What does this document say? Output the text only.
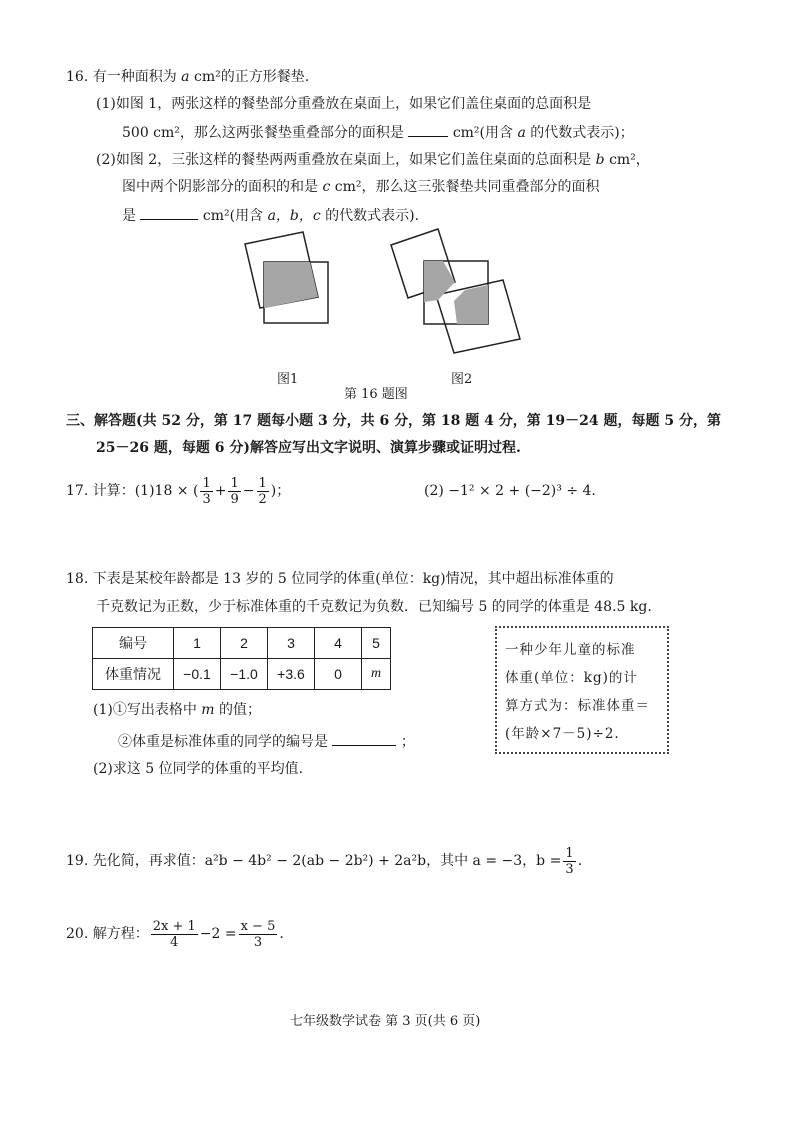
16. 有一种面积为 a cm²的正方形餐垫.
(1)如图 1，两张这样的餐垫部分重叠放在桌面上，如果它们盖住桌面的总面积是
500 cm²，那么这两张餐垫重叠部分的面积是	cm²(用含 a 的代数式表示)；
(2)如图 2，三张这样的餐垫两两重叠放在桌面上，如果它们盖住桌面的总面积是 b cm²，
图中两个阴影部分的面积的和是 c cm²，那么这三张餐垫共同重叠部分的面积
是	cm²(用含 a，b，c 的代数式表示).
图1	图2
第 16 题图
三、解答题(共 52 分，第 17 题每小题 3 分，共 6 分，第 18 题 4 分，第 19－24 题，每题 5 分，第
25－26 题，每题 6 分)解答应写出文字说明、演算步骤或证明过程.
17. 计算：(1)18 × ( $\frac{1}{3} + \frac{1}{9} - \frac{1}{2}$ )；	(2) −1² × 2 + (−2)³ ÷ 4.
18. 下表是某校年龄都是 13 岁的 5 位同学的体重(单位：kg)情况，其中超出标准体重的
千克数记为正数，少于标准体重的千克数记为负数．已知编号 5 的同学的体重是 48.5 kg.
编号	1	2	3	4	5
体重情况	−0.1	−1.0	+3.6	0	m
一种少年儿童的标准
体重(单位：kg)的计
算方式为：标准体重＝
(年龄×7－5)÷2.
(1)①写出表格中 m 的值；
②体重是标准体重的同学的编号是	；
(2)求这 5 位同学的体重的平均值.
19. 先化简，再求值：a²b − 4b² − 2(ab − 2b²) + 2a²b，其中 a = −3，$b = \frac{1}{3}$ .
20. 解方程： $\frac{2x + 1}{4} -2 = \frac{x - 5}{3}$ .
七年级数学试卷 第 3 页(共 6 页)
